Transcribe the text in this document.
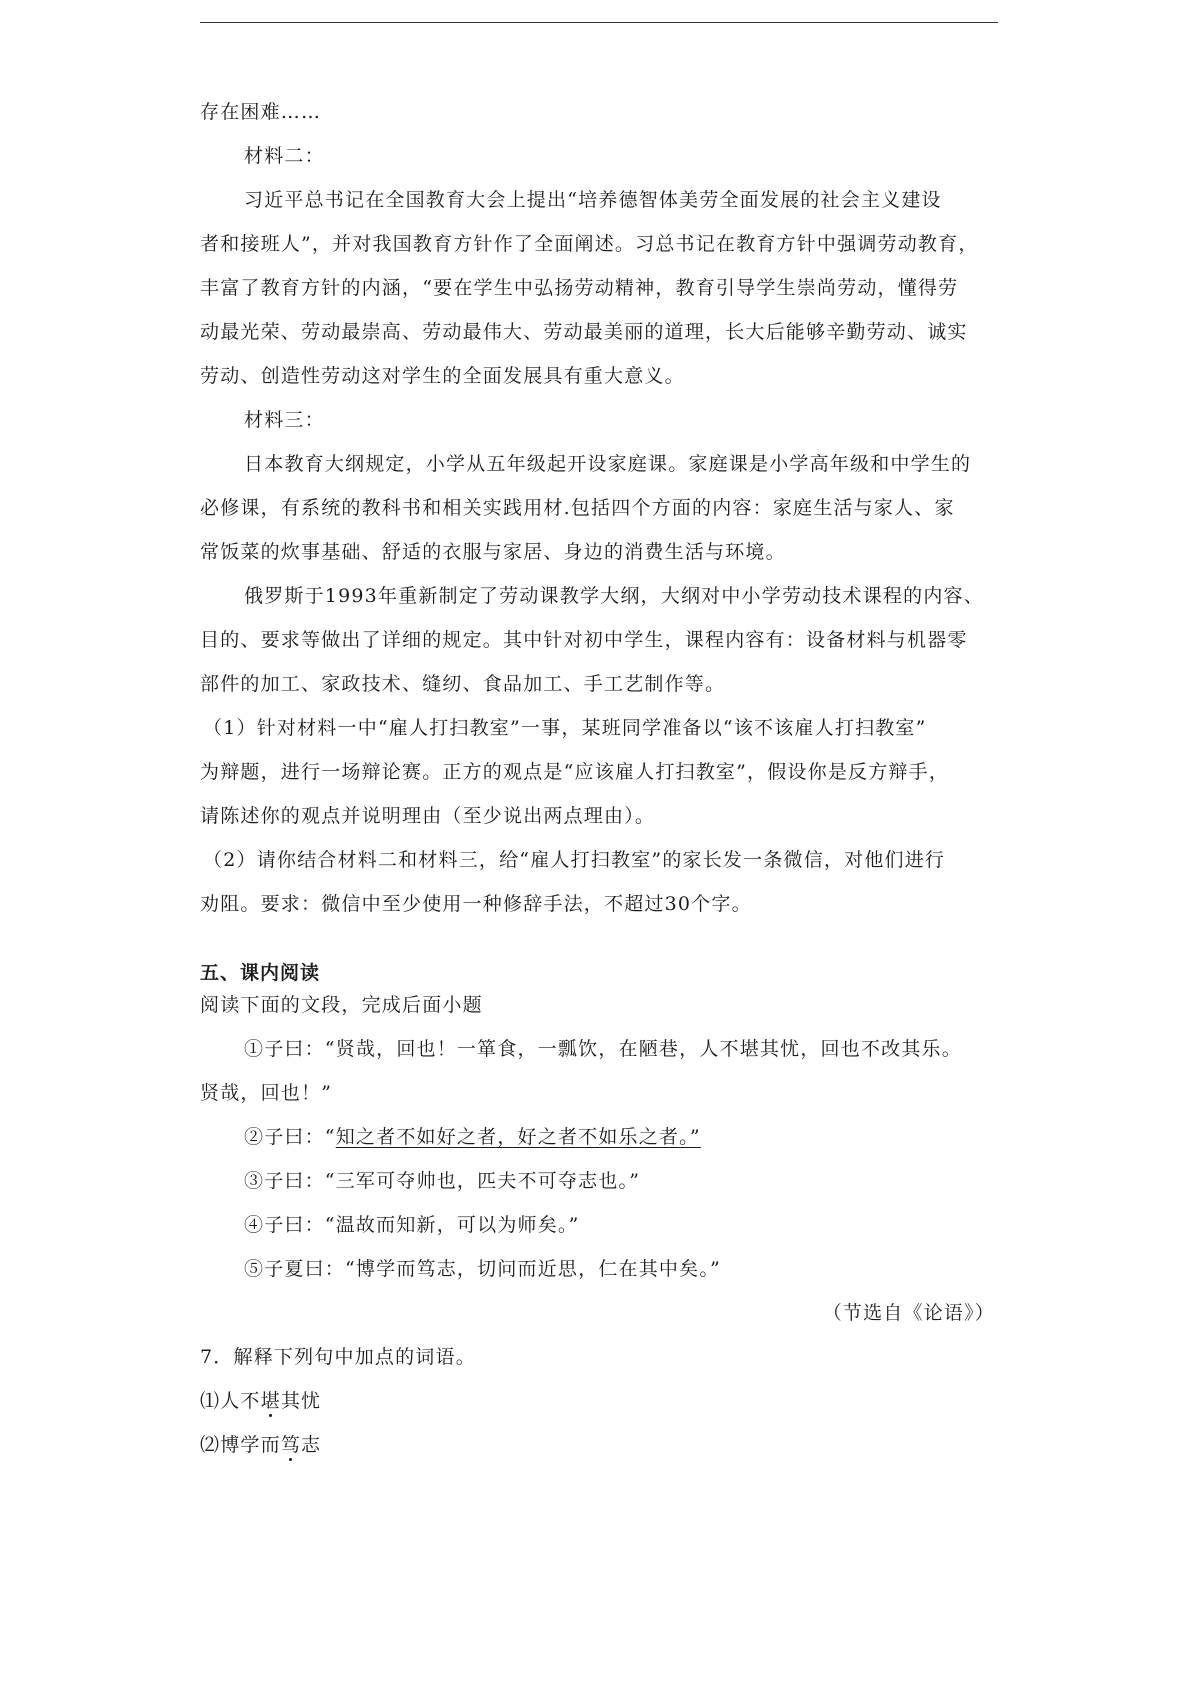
存在困难……
材料二：
习近平总书记在全国教育大会上提出“培养德智体美劳全面发展的社会主义建设
者和接班人”，并对我国教育方针作了全面阐述。习总书记在教育方针中强调劳动教育，
丰富了教育方针的内涵，“要在学生中弘扬劳动精神，教育引导学生崇尚劳动，懂得劳
动最光荣、劳动最崇高、劳动最伟大、劳动最美丽的道理，长大后能够辛勤劳动、诚实
劳动、创造性劳动这对学生的全面发展具有重大意义。
材料三：
日本教育大纲规定，小学从五年级起开设家庭课。家庭课是小学高年级和中学生的
必修课，有系统的教科书和相关实践用材.包括四个方面的内容：家庭生活与家人、家
常饭菜的炊事基础、舒适的衣服与家居、身边的消费生活与环境。
俄罗斯于1993年重新制定了劳动课教学大纲，大纲对中小学劳动技术课程的内容、
目的、要求等做出了详细的规定。其中针对初中学生，课程内容有：设备材料与机器零
部件的加工、家政技术、缝纫、食品加工、手工艺制作等。
（1）针对材料一中“雇人打扫教室”一事，某班同学准备以“该不该雇人打扫教室”
为辩题，进行一场辩论赛。正方的观点是“应该雇人打扫教室”，假设你是反方辩手，
请陈述你的观点并说明理由（至少说出两点理由）。
（2）请你结合材料二和材料三，给“雇人打扫教室”的家长发一条微信，对他们进行
劝阻。要求：微信中至少使用一种修辞手法，不超过30个字。
五、课内阅读
阅读下面的文段，完成后面小题
①子曰：“贤哉，回也！一箪食，一瓢饮，在陋巷，人不堪其忧，回也不改其乐。
贤哉，回也！”
②子曰：“知之者不如好之者，好之者不如乐之者。”
③子曰：“三军可夺帅也，匹夫不可夺志也。”
④子曰：“温故而知新，可以为师矣。”
⑤子夏曰：“博学而笃志，切问而近思，仁在其中矣。”
（节选自《论语》）
7．解释下列句中加点的词语。
⑴人不堪其忧
⑵博学而笃志
